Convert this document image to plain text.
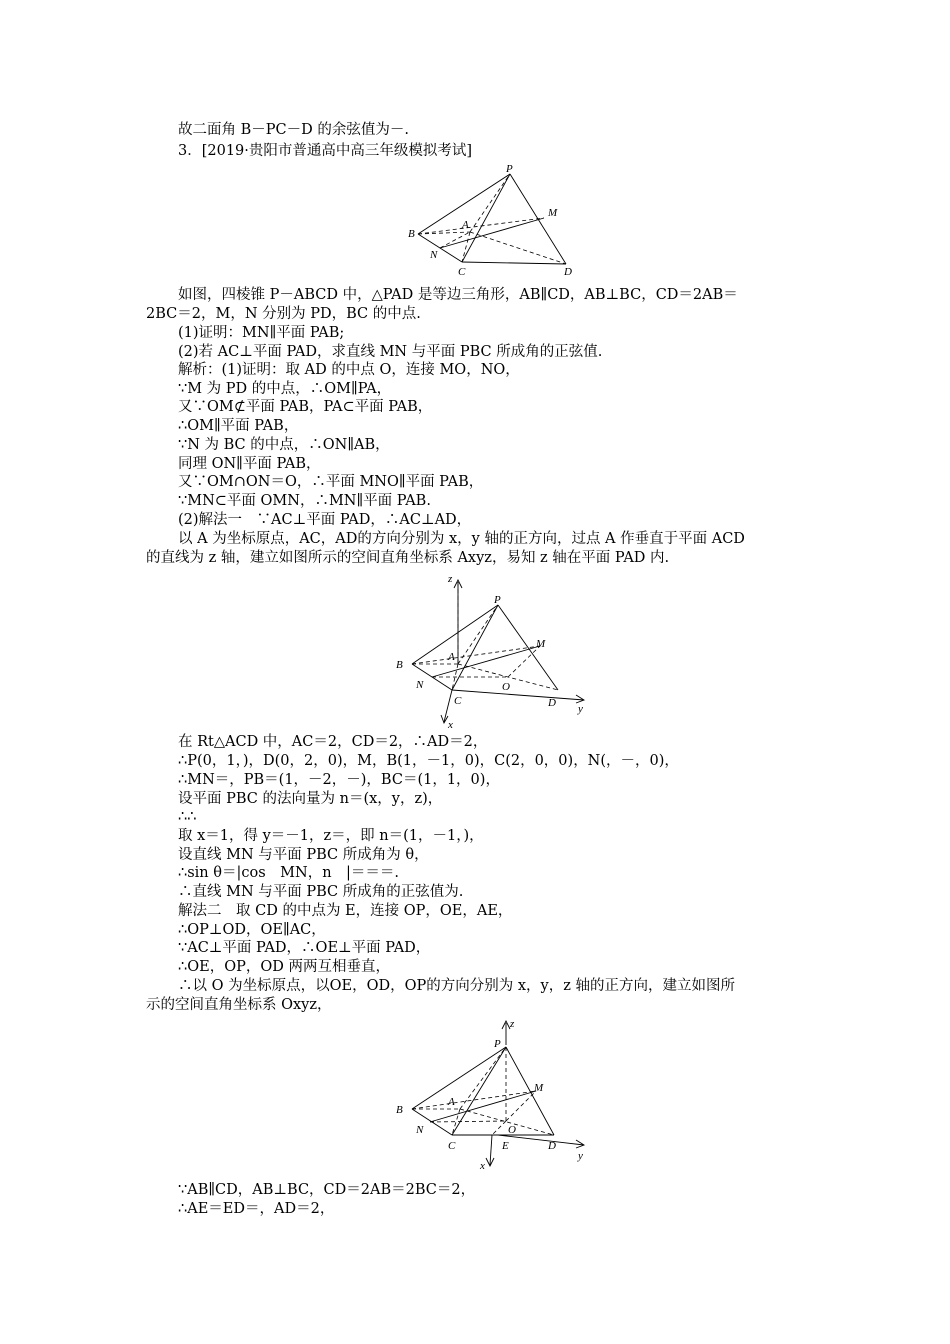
故二面角 B－PC－D 的余弦值为－.
3．[2019·贵阳市普通高中高三年级模拟考试]
P
M
B
A
N
C	D
如图，四棱锥 P－ABCD 中，△PAD 是等边三角形，AB∥CD，AB⊥BC，CD＝2AB＝
2BC＝2，M，N 分别为 PD，BC 的中点.
(1)证明：MN∥平面 PAB;
(2)若 AC⊥平面 PAD，求直线 MN 与平面 PBC 所成角的正弦值.
解析：(1)证明：取 AD 的中点 O，连接 MO，NO，
∵M 为 PD 的中点，∴OM∥PA，
又∵OM⊄平面 PAB，PA⊂平面 PAB，
∴OM∥平面 PAB，
∵N 为 BC 的中点，∴ON∥AB，
同理 ON∥平面 PAB，
又∵OM∩ON＝O，∴平面 MNO∥平面 PAB，
∵MN⊂平面 OMN，∴MN∥平面 PAB.
(2)解法一　∵AC⊥平面 PAD，∴AC⊥AD，
以 A 为坐标原点，AC，AD的方向分别为 x，y 轴的正方向，过点 A 作垂直于平面 ACD
的直线为 z 轴，建立如图所示的空间直角坐标系 Axyz，易知 z 轴在平面 PAD 内.
z
P
M
B
A
N
C
O
D y
x
在 Rt△ACD 中，AC＝2，CD＝2，∴AD＝2，
∴P(0，1，)，D(0，2，0)，M，B(1，－1，0)，C(2，0，0)，N(，－，0)，
∴MN＝，PB＝(1，－2，－)，BC＝(1，1，0)，
设平面 PBC 的法向量为 n＝(x，y，z)，
∴∴
取 x＝1，得 y＝－1，z＝，即 n＝(1，－1，)，
设直线 MN 与平面 PBC 所成角为 θ，
∴sin θ＝|cos　MN，n　|＝＝＝.
∴直线 MN 与平面 PBC 所成角的正弦值为.
解法二　取 CD 的中点为 E，连接 OP，OE，AE，
∴OP⊥OD，OE∥AC，
∵AC⊥平面 PAD，∴OE⊥平面 PAD，
∴OE，OP，OD 两两互相垂直，
∴以 O 为坐标原点，以OE，OD，OP的方向分别为 x，y，z 轴的正方向，建立如图所
示的空间直角坐标系 Oxyz，
z
P
M
B
A
N
C
O
E	D
y
x
∵AB∥CD，AB⊥BC，CD＝2AB＝2BC＝2，
∴AE＝ED＝，AD＝2，
